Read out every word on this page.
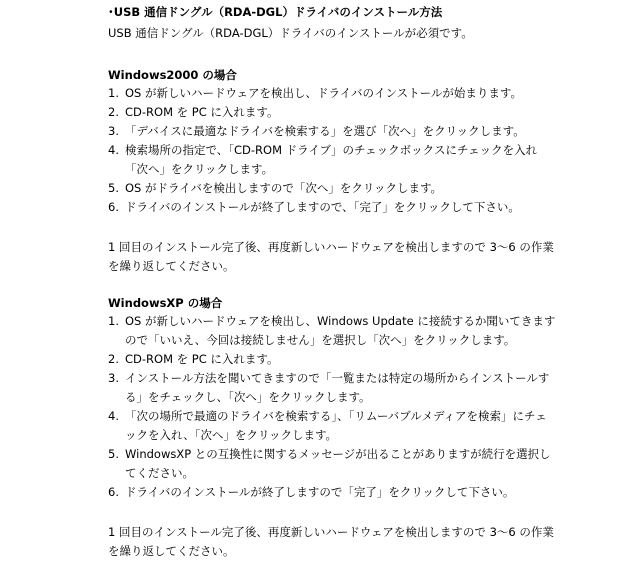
･USB 通信ドングル（RDA-DGL）ドライバのインストール方法
USB 通信ドングル（RDA-DGL）ドライバのインストールが必須です。
Windows2000 の場合
1. OS が新しいハードウェアを検出し、ドライバのインストールが始まります。
2. CD-ROM を PC に入れます。
3. 「デバイスに最適なドライバを検索する」を選び「次へ」をクリックします。
4. 検索場所の指定で、「CD-ROM ドライブ」のチェックボックスにチェックを入れ「次へ」をクリックします。
5. OS がドライバを検出しますので「次へ」をクリックします。
6. ドライバのインストールが終了しますので、「完了」をクリックして下さい。
1 回目のインストール完了後、再度新しいハードウェアを検出しますので 3～6 の作業を繰り返してください。
WindowsXP の場合
1. OS が新しいハードウェアを検出し、Windows Update に接続するか聞いてきますので「いいえ、今回は接続しません」を選択し「次へ」をクリックします。
2. CD-ROM を PC に入れます。
3. インストール方法を聞いてきますので「一覧または特定の場所からインストールする」をチェックし、「次へ」をクリックします。
4. 「次の場所で最適のドライバを検索する」、「リムーバブルメディアを検索」にチェックを入れ、「次へ」をクリックします。
5. WindowsXP との互換性に関するメッセージが出ることがありますが続行を選択してください。
6. ドライバのインストールが終了しますので「完了」をクリックして下さい。
1 回目のインストール完了後、再度新しいハードウェアを検出しますので 3～6 の作業を繰り返してください。
